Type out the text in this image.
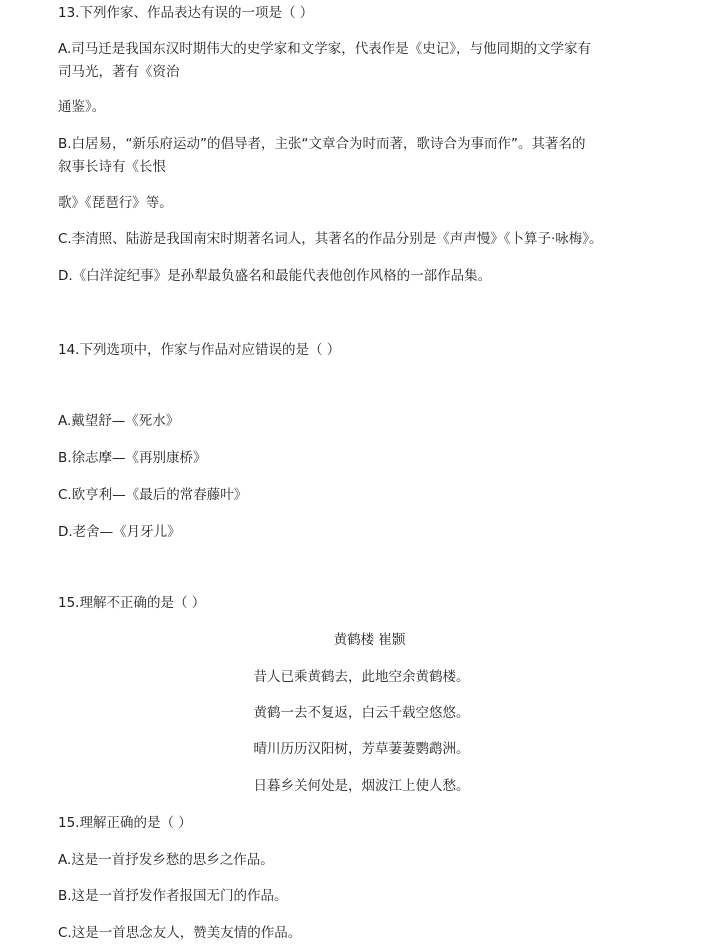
13.下列作家、作品表达有误的一项是（ ）
A.司马迁是我国东汉时期伟大的史学家和文学家，代表作是《史记》，与他同期的文学家有
司马光，著有《资治
通鉴》。
B.白居易，“新乐府运动”的倡导者，主张“文章合为时而著，歌诗合为事而作”。其著名的
叙事长诗有《长恨
歌》《琵琶行》等。
C.李清照、陆游是我国南宋时期著名词人，其著名的作品分别是《声声慢》《卜算子·咏梅》。
D.《白洋淀纪事》是孙犁最负盛名和最能代表他创作风格的一部作品集。
14.下列选项中，作家与作品对应错误的是（ ）
A.戴望舒—《死水》
B.徐志摩—《再别康桥》
C.欧亨利—《最后的常春藤叶》
D.老舍—《月牙儿》
15.理解不正确的是（ ）
黄鹤楼 崔颢
昔人已乘黄鹤去，此地空余黄鹤楼。
黄鹤一去不复返，白云千载空悠悠。
晴川历历汉阳树，芳草萋萋鹦鹉洲。
日暮乡关何处是，烟波江上使人愁。
15.理解正确的是（ ）
A.这是一首抒发乡愁的思乡之作品。
B.这是一首抒发作者报国无门的作品。
C.这是一首思念友人，赞美友情的作品。
